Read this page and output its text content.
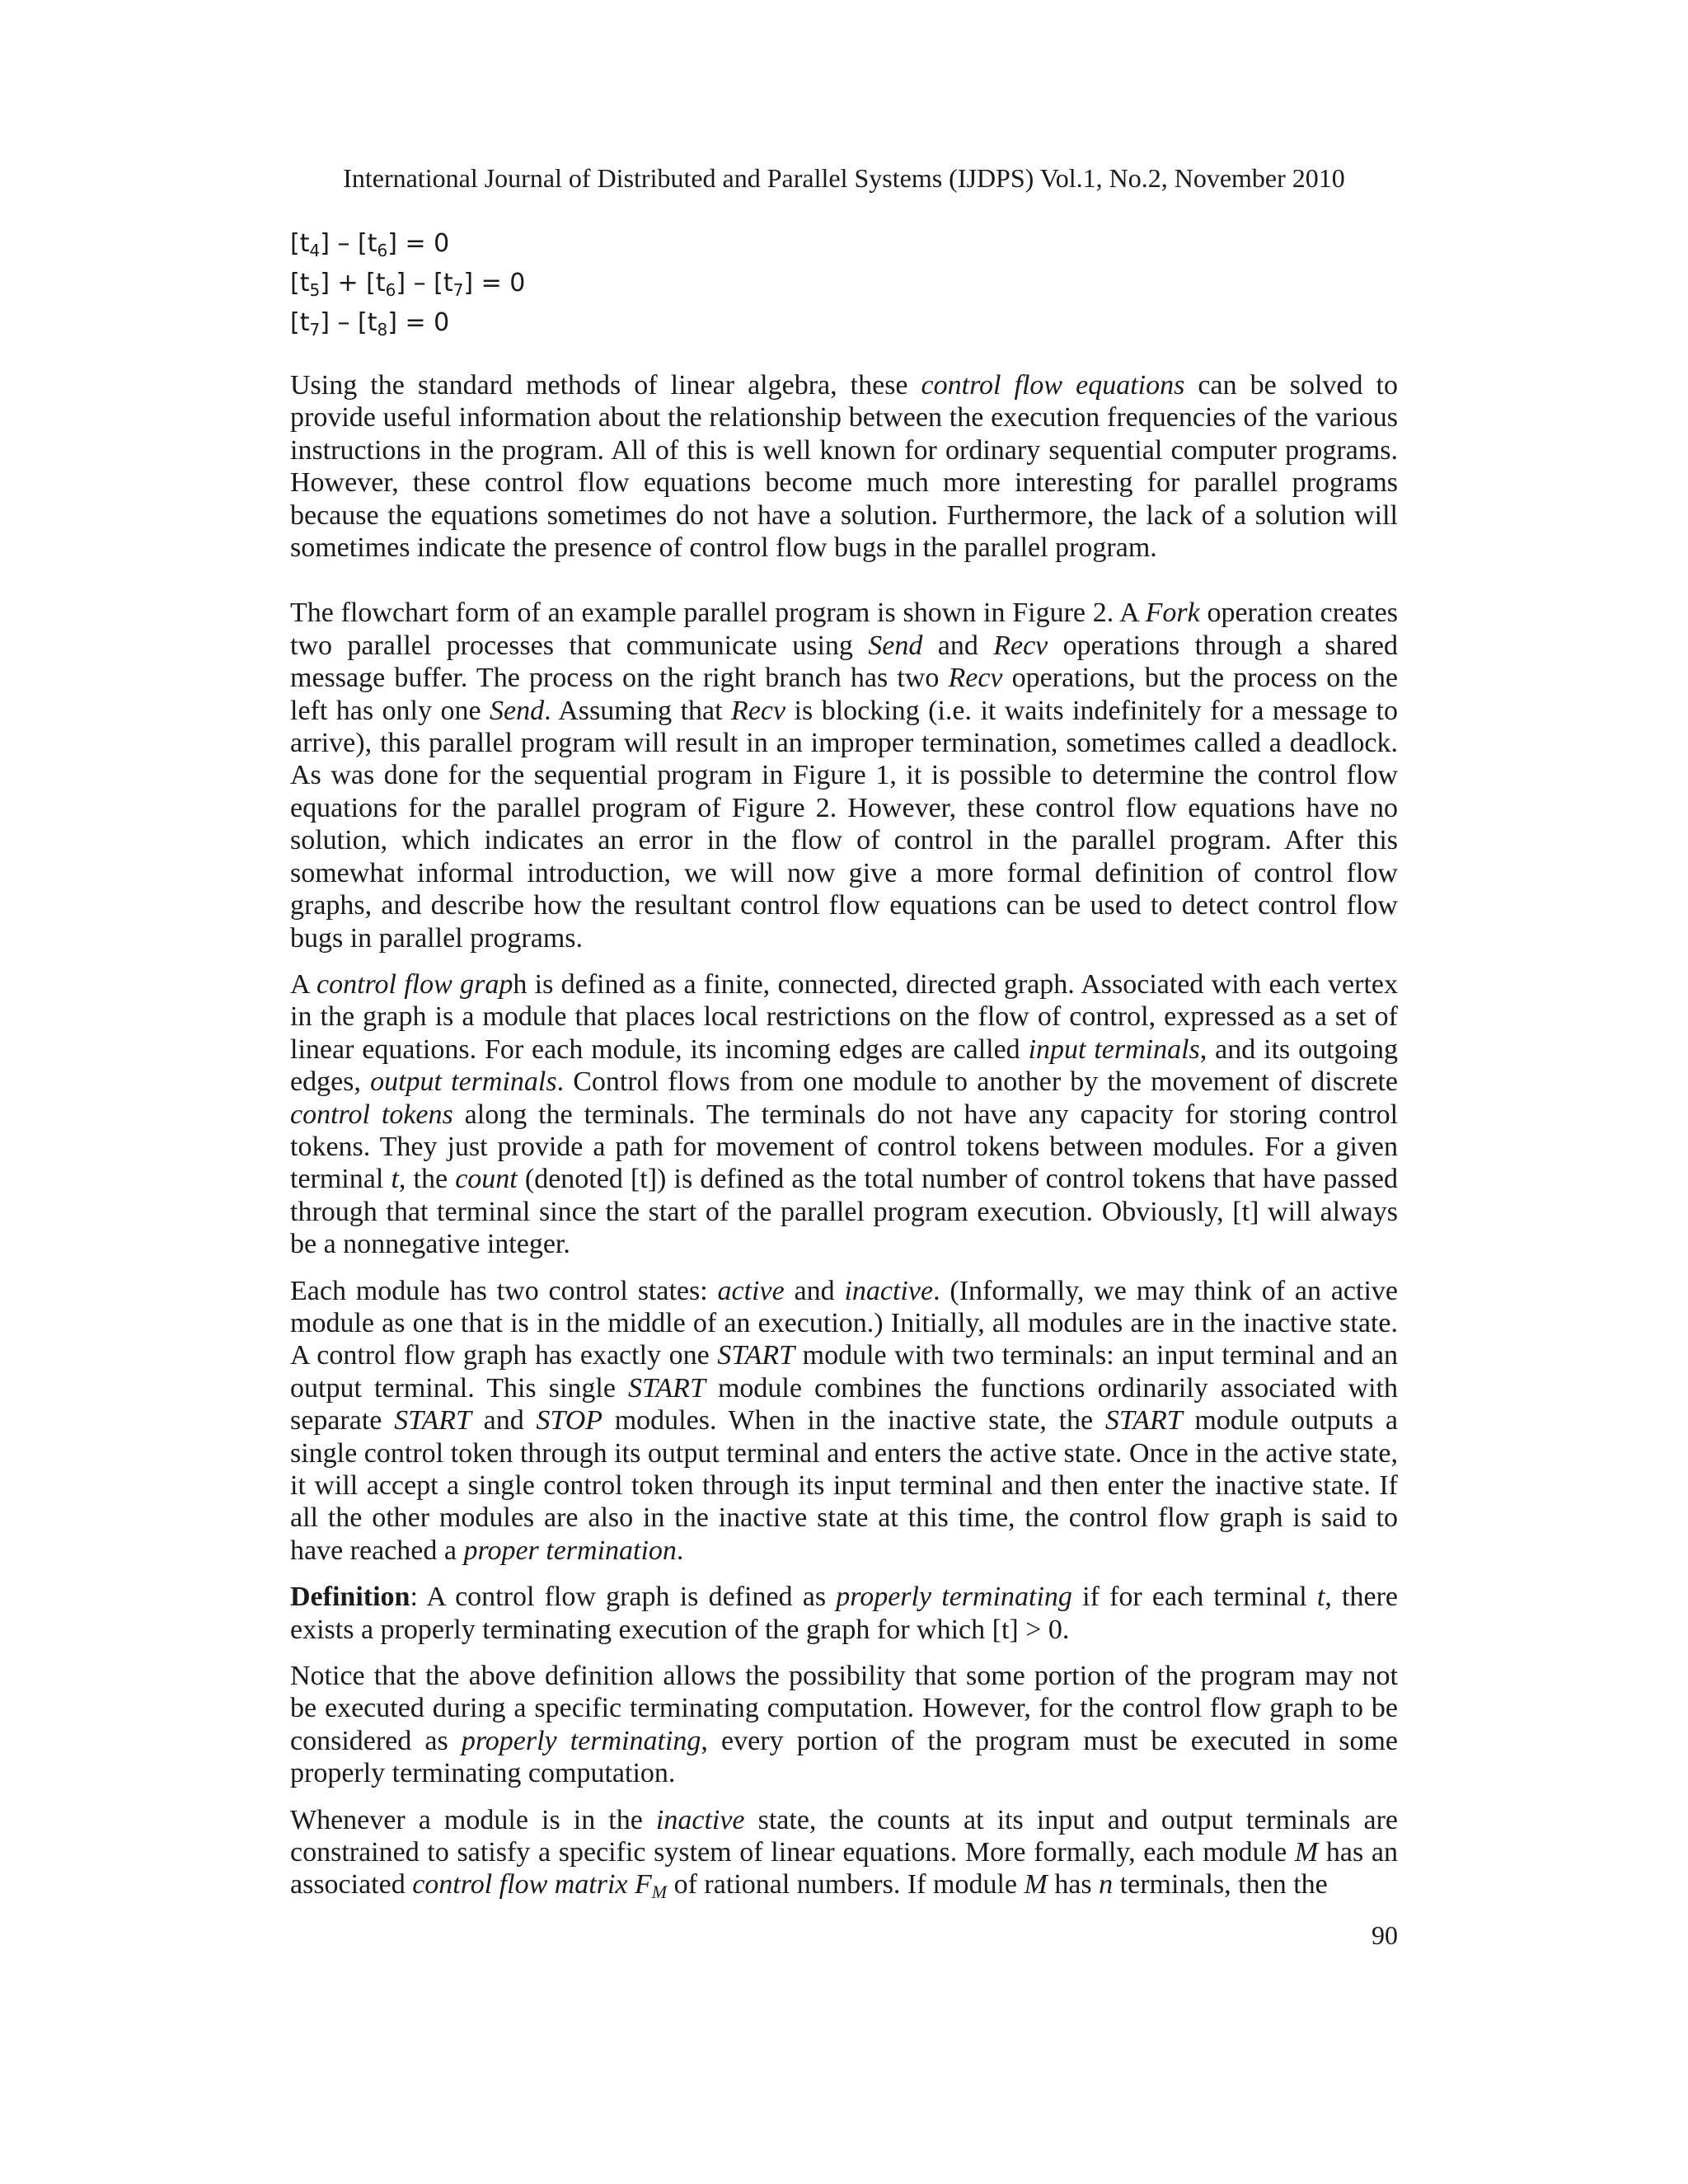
International Journal of Distributed and Parallel Systems (IJDPS) Vol.1, No.2, November 2010
$[t_4] - [t_6] = 0$
$[t_5] + [t_6] - [t_7] = 0$
$[t_7] - [t_8] = 0$

Using the standard methods of linear algebra, these control flow equations can be solved to provide useful information about the relationship between the execution frequencies of the various instructions in the program. All of this is well known for ordinary sequential computer programs. However, these control flow equations become much more interesting for parallel programs because the equations sometimes do not have a solution. Furthermore, the lack of a solution will sometimes indicate the presence of control flow bugs in the parallel program.

The flowchart form of an example parallel program is shown in Figure 2. A Fork operation creates two parallel processes that communicate using Send and Recv operations through a shared message buffer. The process on the right branch has two Recv operations, but the process on the left has only one Send. Assuming that Recv is blocking (i.e. it waits indefinitely for a message to arrive), this parallel program will result in an improper termination, sometimes called a deadlock. As was done for the sequential program in Figure 1, it is possible to determine the control flow equations for the parallel program of Figure 2. However, these control flow equations have no solution, which indicates an error in the flow of control in the parallel program. After this somewhat informal introduction, we will now give a more formal definition of control flow graphs, and describe how the resultant control flow equations can be used to detect control flow bugs in parallel programs.

A control flow graph is defined as a finite, connected, directed graph. Associated with each vertex in the graph is a module that places local restrictions on the flow of control, expressed as a set of linear equations. For each module, its incoming edges are called input terminals, and its outgoing edges, output terminals. Control flows from one module to another by the movement of discrete control tokens along the terminals. The terminals do not have any capacity for storing control tokens. They just provide a path for movement of control tokens between modules. For a given terminal t, the count (denoted [t]) is defined as the total number of control tokens that have passed through that terminal since the start of the parallel program execution. Obviously, [t] will always be a nonnegative integer.

Each module has two control states: active and inactive. (Informally, we may think of an active module as one that is in the middle of an execution.) Initially, all modules are in the inactive state. A control flow graph has exactly one START module with two terminals: an input terminal and an output terminal. This single START module combines the functions ordinarily associated with separate START and STOP modules. When in the inactive state, the START module outputs a single control token through its output terminal and enters the active state. Once in the active state, it will accept a single control token through its input terminal and then enter the inactive state. If all the other modules are also in the inactive state at this time, the control flow graph is said to have reached a proper termination.

Definition: A control flow graph is defined as properly terminating if for each terminal t, there exists a properly terminating execution of the graph for which [t] > 0.

Notice that the above definition allows the possibility that some portion of the program may not be executed during a specific terminating computation. However, for the control flow graph to be considered as properly terminating, every portion of the program must be executed in some properly terminating computation.

Whenever a module is in the inactive state, the counts at its input and output terminals are constrained to satisfy a specific system of linear equations. More formally, each module M has an associated control flow matrix $F_M$ of rational numbers. If module M has n terminals, then the

90
